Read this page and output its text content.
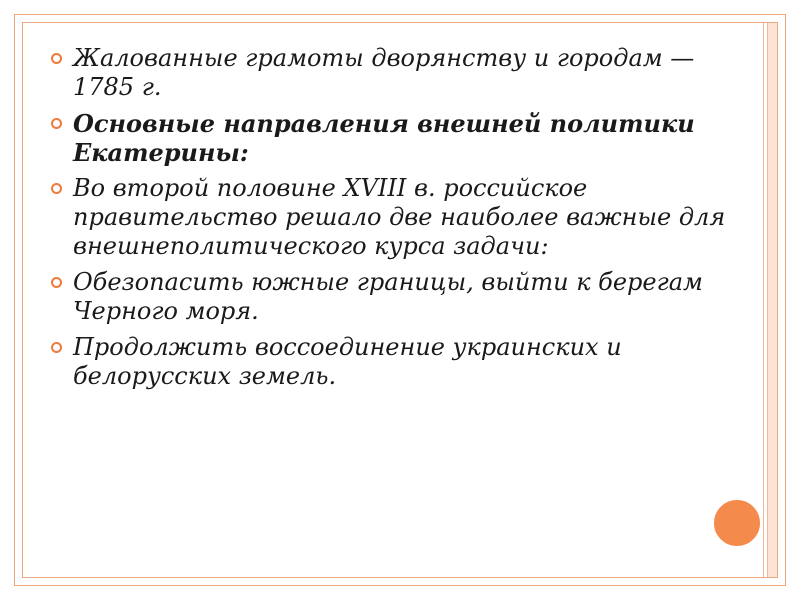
Жалованные грамоты дворянству и городам —1785 г.
Основные направления внешней политики Екатерины:
Во второй половине XVIII в. российское правительство решало две наиболее важные для внешнеполитического курса задачи:
Обезопасить южные границы, выйти к берегам Черного моря.
Продолжить воссоединение украинских и белорусских земель.
